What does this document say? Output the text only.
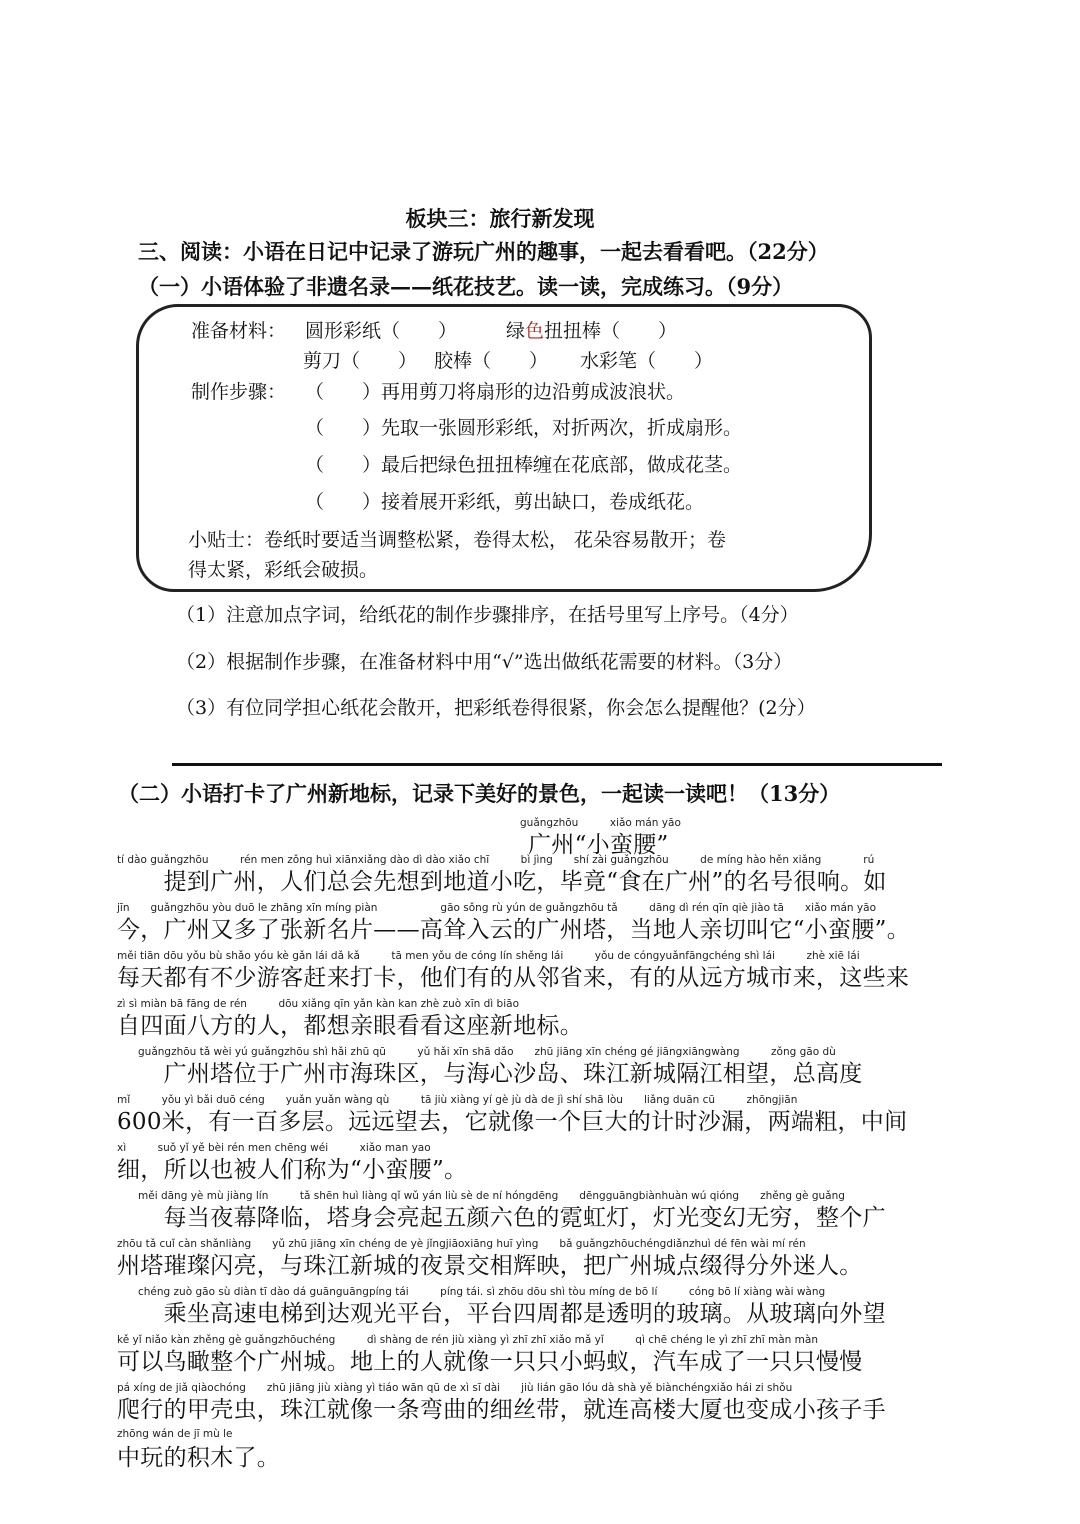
板块三：旅行新发现
三、阅读：小语在日记中记录了游玩广州的趣事，一起去看看吧。（22分）
（一）小语体验了非遗名录——纸花技艺。读一读，完成练习。（9分）
准备材料： 圆形彩纸（　　）	绿色扭扭棒（　　）
剪刀（　　） 胶棒（　　） 水彩笔（　　）
制作步骤： （　　）再用剪刀将扇形的边沿剪成波浪状。
（　　）先取一张圆形彩纸，对折两次，折成扇形。
（　　）最后把绿色扭扭棒缠在花底部，做成花茎。
（　　）接着展开彩纸，剪出缺口，卷成纸花。
小贴士：卷纸时要适当调整松紧，卷得太松， 花朵容易散开；卷
得太紧，彩纸会破损。
（1）注意加点字词，给纸花的制作步骤排序，在括号里写上序号。（4分）
（2）根据制作步骤，在准备材料中用“√”选出做纸花需要的材料。（3分）
（3）有位同学担心纸花会散开，把彩纸卷得很紧，你会怎么提醒他？(2分）
（二）小语打卡了广州新地标，记录下美好的景色，一起读一读吧！（13分）
guǎngzhōu　　　xiǎo mán yāo
广州“小蛮腰”
tí dào guǎngzhōu　　　rén men zǒng huì xiānxiǎng dào dì dào xiǎo chī　　　bì jìng　　shí zài guǎngzhōu　　　de míng hào hěn xiǎng　　　　rú
　　提到广州，人们总会先想到地道小吃，毕竟“食在广州”的名号很响。如
jīn　　guǎngzhōu yòu duō le zhāng xīn míng piàn　　　　　　gāo sǒng rù yún de guǎngzhōu tǎ　　　dāng dì rén qīn qiè jiào tā　　xiǎo mán yāo
今，广州又多了张新名片——高耸入云的广州塔，当地人亲切叫它“小蛮腰”。
měi tiān dōu yǒu bù shǎo yóu kè gǎn lái dǎ kǎ　　　tā men yǒu de cóng lín shěng lái　　　yǒu de cóngyuǎnfāngchéng shì lái　　　zhè xiē lái
每天都有不少游客赶来打卡，他们有的从邻省来，有的从远方城市来，这些来
zì sì miàn bā fāng de rén　　　dōu xiǎng qīn yǎn kàn kan zhè zuò xīn dì biāo
自四面八方的人，都想亲眼看看这座新地标。
　　guǎngzhōu tǎ wèi yú guǎngzhōu shì hǎi zhū qū　　　yǔ hǎi xīn shā dǎo　　zhū jiāng xīn chéng gé jiāngxiāngwàng　　　zǒng gāo dù
　　广州塔位于广州市海珠区，与海心沙岛、珠江新城隔江相望，总高度
mǐ　　　yǒu yì bǎi duō céng　　yuǎn yuǎn wàng qù　　　tā jiù xiàng yí gè jù dà de jì shí shā lòu　　liǎng duān cū　　　zhōngjiān
600米，有一百多层。远远望去，它就像一个巨大的计时沙漏，两端粗，中间
xì　　　suǒ yǐ yě bèi rén men chēng wéi　　　xiǎo man yao
细，所以也被人们称为“小蛮腰”。
　　měi dāng yè mù jiàng lín　　　tǎ shēn huì liàng qǐ wǔ yán liù sè de ní hóngdēng　　dēngguāngbiànhuàn wú qióng　　zhěng gè guǎng
　　每当夜幕降临，塔身会亮起五颜六色的霓虹灯，灯光变幻无穷，整个广
zhōu tǎ cuǐ càn shǎnliàng　　yǔ zhū jiāng xīn chéng de yè jǐngjiāoxiāng huī yìng　　bǎ guǎngzhōuchéngdiǎnzhuì dé fēn wài mí rén
州塔璀璨闪亮，与珠江新城的夜景交相辉映，把广州城点缀得分外迷人。
　　chéng zuò gāo sù diàn tī dào dá guānguāngpíng tái　　　píng tái. sì zhōu dōu shì tòu míng de bō lí　　　cóng bō lí xiàng wài wàng
　　乘坐高速电梯到达观光平台，平台四周都是透明的玻璃。从玻璃向外望
kě yǐ niǎo kàn zhěng gè guǎngzhōuchéng　　　dì shàng de rén jiù xiàng yì zhī zhī xiǎo mǎ yǐ　　　qì chē chéng le yì zhī zhī màn màn
可以鸟瞰整个广州城。地上的人就像一只只小蚂蚁，汽车成了一只只慢慢
pá xíng de jiǎ qiàochóng　　zhū jiāng jiù xiàng yì tiáo wān qū de xì sī dài　　jiù lián gāo lóu dà shà yě biànchéngxiǎo hái zi shǒu
爬行的甲壳虫，珠江就像一条弯曲的细丝带，就连高楼大厦也变成小孩子手
zhōng wán de jī mù le
中玩的积木了。
